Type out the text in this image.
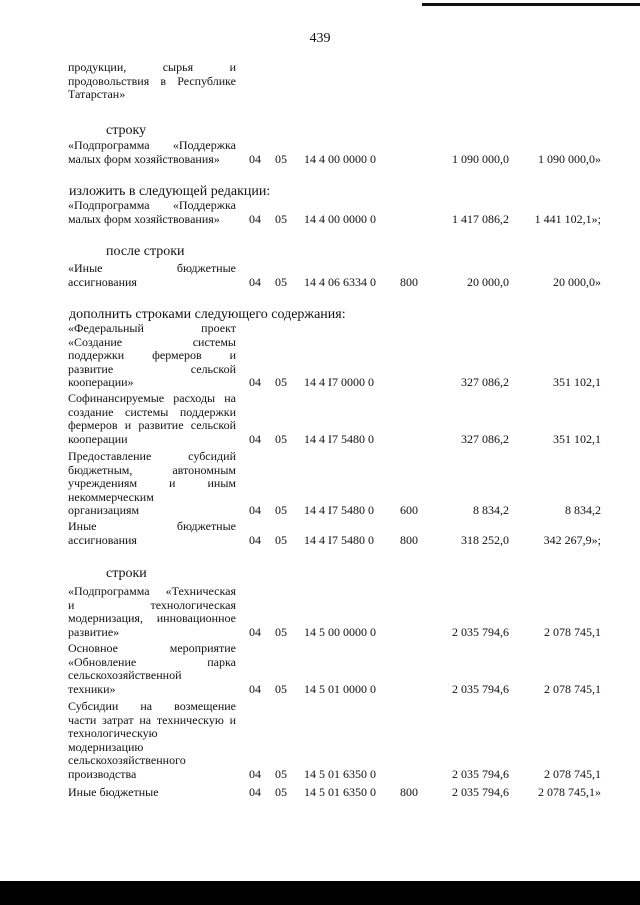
439
продукции, сырья и
продовольствия в Республике
Татарстан»
строку
«Подпрограмма «Поддержка
малых форм хозяйствования»	04 05 14 4 00 0000 0	1 090 000,0	1 090 000,0»
изложить в следующей редакции:
«Подпрограмма «Поддержка
малых форм хозяйствования»	04 05 14 4 00 0000 0	1 417 086,2	1 441 102,1»;
после строки
«Иные бюджетные
ассигнования	04 05 14 4 06 6334 0 800	20 000,0	20 000,0»
дополнить строками следующего содержания:
«Федеральный проект
«Создание системы
поддержки фермеров и
развитие сельской
кооперации»	04 05 14 4 I7 0000 0	327 086,2	351 102,1
Софинансируемые расходы на
создание системы поддержки
фермеров и развитие сельской
кооперации	04 05 14 4 I7 5480 0	327 086,2	351 102,1
Предоставление субсидий
бюджетным, автономным
учреждениям и иным
некоммерческим
организациям	04 05 14 4 I7 5480 0 600	8 834,2	8 834,2
Иные бюджетные
ассигнования	04 05 14 4 I7 5480 0 800	318 252,0	342 267,9»;
строки
«Подпрограмма «Техническая
и технологическая
модернизация, инновационное
развитие»	04 05 14 5 00 0000 0	2 035 794,6	2 078 745,1
Основное мероприятие
«Обновление парка
сельскохозяйственной
техники»	04 05 14 5 01 0000 0	2 035 794,6	2 078 745,1
Субсидии на возмещение
части затрат на техническую и
технологическую
модернизацию
сельскохозяйственного
производства	04 05 14 5 01 6350 0	2 035 794,6	2 078 745,1
Иные бюджетные	04 05 14 5 01 6350 0 800	2 035 794,6	2 078 745,1»
